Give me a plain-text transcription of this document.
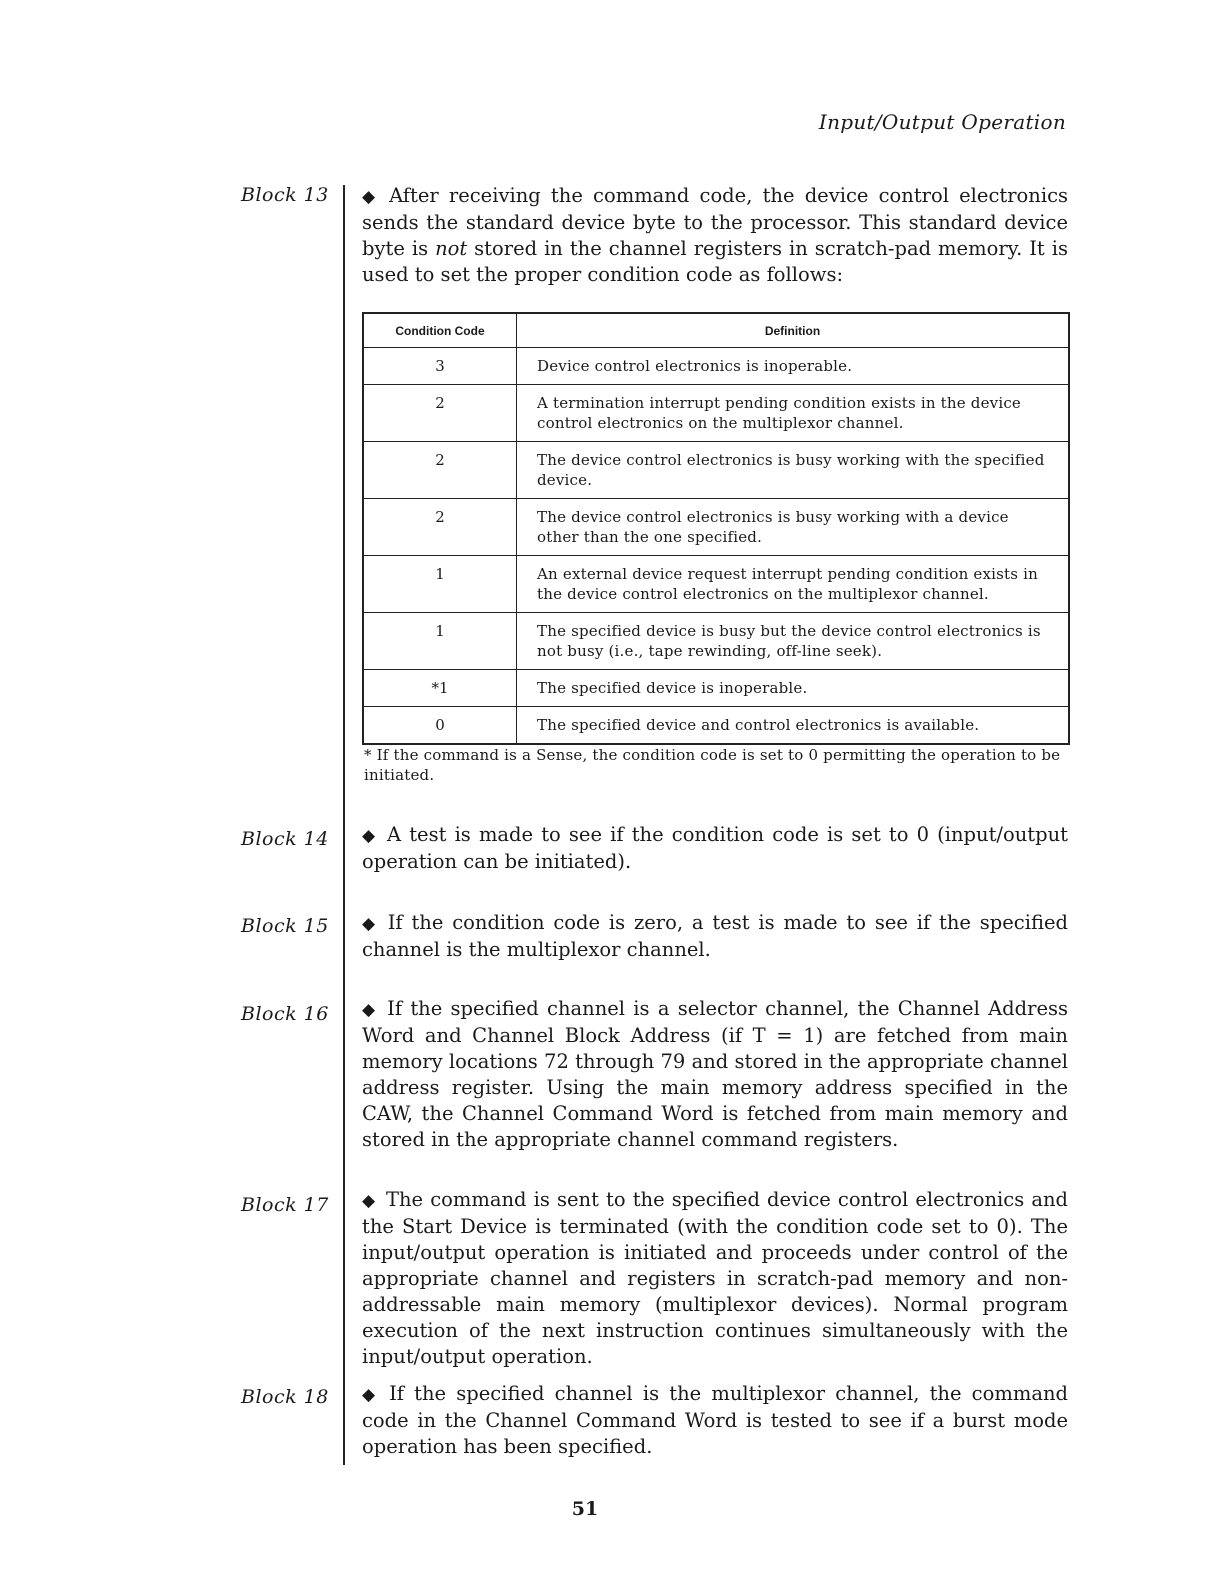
Input/Output Operation
Block 13 ◆ After receiving the command code, the device control electronics sends the standard device byte to the processor. This standard device byte is not stored in the channel registers in scratch-pad memory. It is used to set the proper condition code as follows:
Condition Code	Definition
3	Device control electronics is inoperable.
2	A termination interrupt pending condition exists in the device control electronics on the multiplexor channel.
2	The device control electronics is busy working with the specified device.
2	The device control electronics is busy working with a device other than the one specified.
1	An external device request interrupt pending condition exists in the device control electronics on the multiplexor channel.
1	The specified device is busy but the device control electronics is not busy (i.e., tape rewinding, off-line seek).
*1	The specified device is inoperable.
0	The specified device and control electronics is available.
* If the command is a Sense, the condition code is set to 0 permitting the operation to be initiated.
Block 14 ◆ A test is made to see if the condition code is set to 0 (input/output operation can be initiated).
Block 15 ◆ If the condition code is zero, a test is made to see if the specified channel is the multiplexor channel.
Block 16 ◆ If the specified channel is a selector channel, the Channel Address Word and Channel Block Address (if T = 1) are fetched from main memory locations 72 through 79 and stored in the appropriate channel address register. Using the main memory address specified in the CAW, the Channel Command Word is fetched from main memory and stored in the appropriate channel command registers.
Block 17 ◆ The command is sent to the specified device control electronics and the Start Device is terminated (with the condition code set to 0). The input/output operation is initiated and proceeds under control of the appropriate channel and registers in scratch-pad memory and non-addressable main memory (multiplexor devices). Normal program execution of the next instruction continues simultaneously with the input/output operation.
Block 18 ◆ If the specified channel is the multiplexor channel, the command code in the Channel Command Word is tested to see if a burst mode operation has been specified.
51
